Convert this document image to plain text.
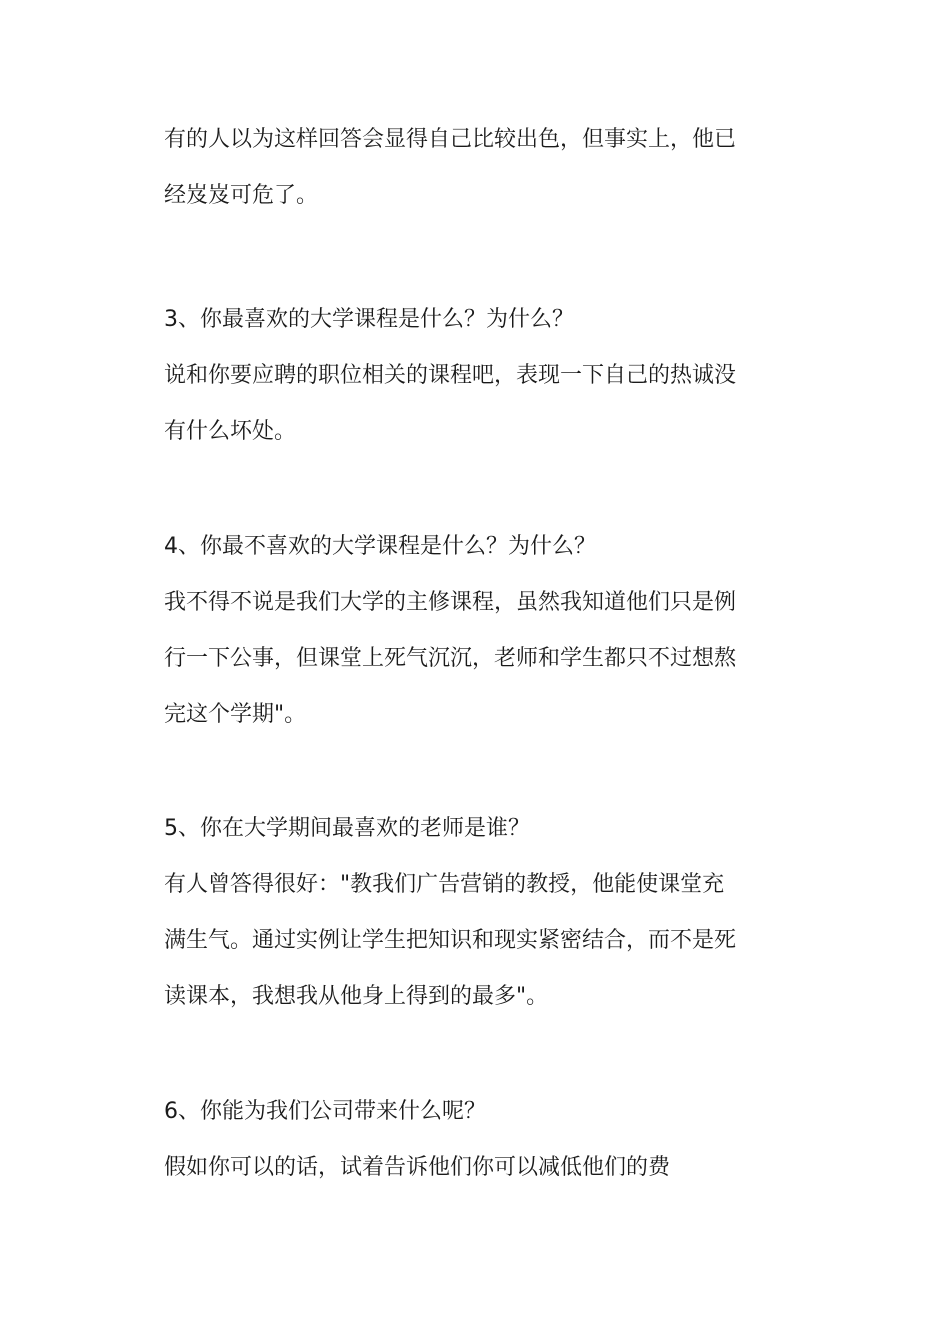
有的人以为这样回答会显得自己比较出色，但事实上，他已
经岌岌可危了。
3、你最喜欢的大学课程是什么？为什么？
说和你要应聘的职位相关的课程吧，表现一下自己的热诚没
有什么坏处。
4、你最不喜欢的大学课程是什么？为什么？
我不得不说是我们大学的主修课程，虽然我知道他们只是例
行一下公事，但课堂上死气沉沉，老师和学生都只不过想熬
完这个学期"。
5、你在大学期间最喜欢的老师是谁？
有人曾答得很好："教我们广告营销的教授，他能使课堂充
满生气。通过实例让学生把知识和现实紧密结合，而不是死
读课本，我想我从他身上得到的最多"。
6、你能为我们公司带来什么呢？
假如你可以的话，试着告诉他们你可以减低他们的费
